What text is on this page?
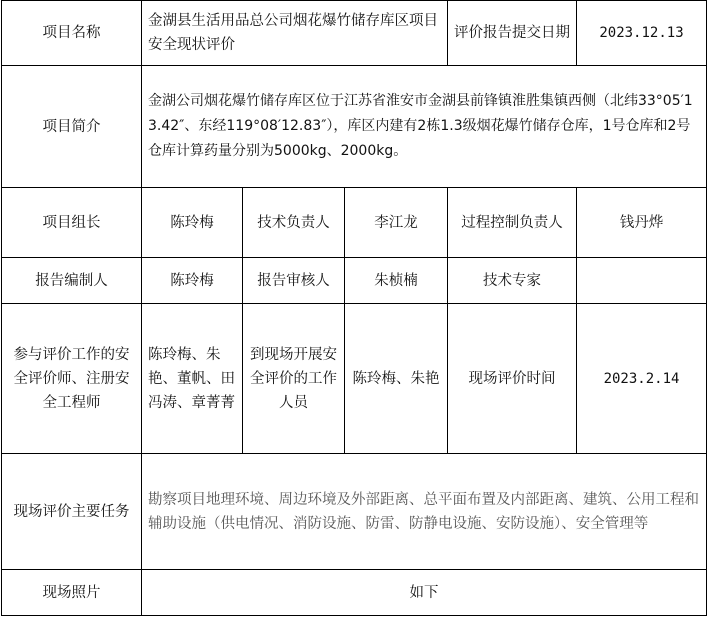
项目名称	金湖县生活用品总公司烟花爆竹储存库区项目安全现状评价			评价报告提交日期	2023.12.13
项目简介	金湖公司烟花爆竹储存库区位于江苏省淮安市金湖县前锋镇淮胜集镇西侧（北纬33°05′13.42″、东经119°08′12.83″），库区内建有2栋1.3级烟花爆竹储存仓库，1号仓库和2号仓库计算药量分别为5000kg、2000kg。				
项目组长	陈玲梅	技术负责人	李江龙	过程控制负责人	钱丹烨
报告编制人	陈玲梅	报告审核人	朱桢楠	技术专家	
参与评价工作的安全评价师、注册安全工程师	陈玲梅、朱艳、董帆、田冯涛、章菁菁	到现场开展安全评价的工作人员	陈玲梅、朱艳	现场评价时间	2023.2.14
现场评价主要任务	勘察项目地理环境、周边环境及外部距离、总平面布置及内部距离、建筑、公用工程和辅助设施（供电情况、消防设施、防雷、防静电设施、安防设施）、安全管理等				
现场照片	如下				
